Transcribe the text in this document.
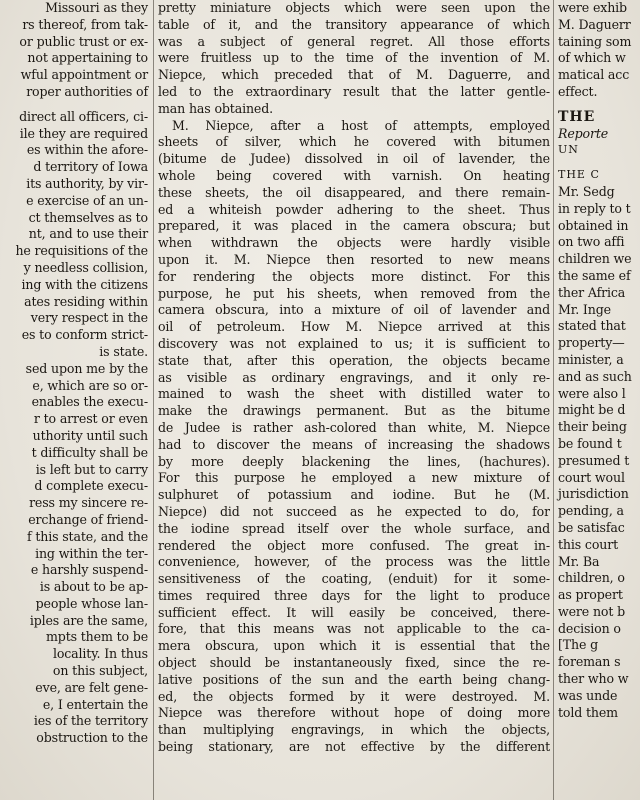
Missouri as they
rs thereof, from tak-
or public trust or ex-
not appertaining to
wful appointment or
roper authorities of
direct all officers, ci-
ile they are required
es within the afore-
d territory of Iowa
its authority, by vir-
e exercise of an un-
ct themselves as to
nt, and to use their
he requisitions of the
y needless collision,
ing with the citizens
ates residing within
very respect in the
es to conform strict-
is state.
sed upon me by the
e, which are so or-
enables the execu-
r to arrest or even
uthority until such
t difficulty shall be
is left but to carry
d complete execu-
ress my sincere re-
erchange of friend-
f this state, and the
ing within the ter-
e harshly suspend-
is about to be ap-
people whose lan-
iples are the same,
mpts them to be
locality. In thus
on this subject,
eve, are felt gene-
e, I entertain the
ies of the territory
obstruction to the

pretty miniature objects which were seen upon the
table of it, and the transitory appearance of which
was a subject of general regret. All those efforts
were fruitless up to the time of the invention of M.
Niepce, which preceded that of M. Daguerre, and
led to the extraordinary result that the latter gentle-
man has obtained.
M. Niepce, after a host of attempts, employed
sheets of silver, which he covered with bitumen
(bitume de Judee) dissolved in oil of lavender, the
whole being covered with varnish. On heating
these sheets, the oil disappeared, and there remain-
ed a whiteish powder adhering to the sheet. Thus
prepared, it was placed in the camera obscura; but
when withdrawn the objects were hardly visible
upon it. M. Niepce then resorted to new means
for rendering the objects more distinct. For this
purpose, he put his sheets, when removed from the
camera obscura, into a mixture of oil of lavender and
oil of petroleum. How M. Niepce arrived at this
discovery was not explained to us; it is sufficient to
state that, after this operation, the objects became
as visible as ordinary engravings, and it only re-
mained to wash the sheet with distilled water to
make the drawings permanent. But as the bitume
de Judee is rather ash-colored than white, M. Niepce
had to discover the means of increasing the shadows
by more deeply blackening the lines, (hachures).
For this purpose he employed a new mixture of
sulphuret of potassium and iodine. But he (M.
Niepce) did not succeed as he expected to do, for
the iodine spread itself over the whole surface, and
rendered the object more confused. The great in-
convenience, however, of the process was the little
sensitiveness of the coating, (enduit) for it some-
times required three days for the light to produce
sufficient effect. It will easily be conceived, there-
fore, that this means was not applicable to the ca-
mera obscura, upon which it is essential that the
object should be instantaneously fixed, since the re-
lative positions of the sun and the earth being chang-
ed, the objects formed by it were destroyed. M.
Niepce was therefore without hope of doing more
than multiplying engravings, in which the objects,
being stationary, are not effective by the different

were exhib
M. Daguerr
taining som
of which w
matical acc
effect.
THE
Reporte
UN
THE C
Mr. Sedg
in reply to t
obtained in
on two affi
children we
the same ef
ther Africa
Mr. Inge
stated that
property—
minister, a
and as such
were also l
might be d
their being
be found t
presumed t
court woul
jurisdiction
pending, a
be satisfac
this court
Mr. Ba
children, o
as propert
were not b
decision o
[The g
foreman s
ther who w
was unde
told them
